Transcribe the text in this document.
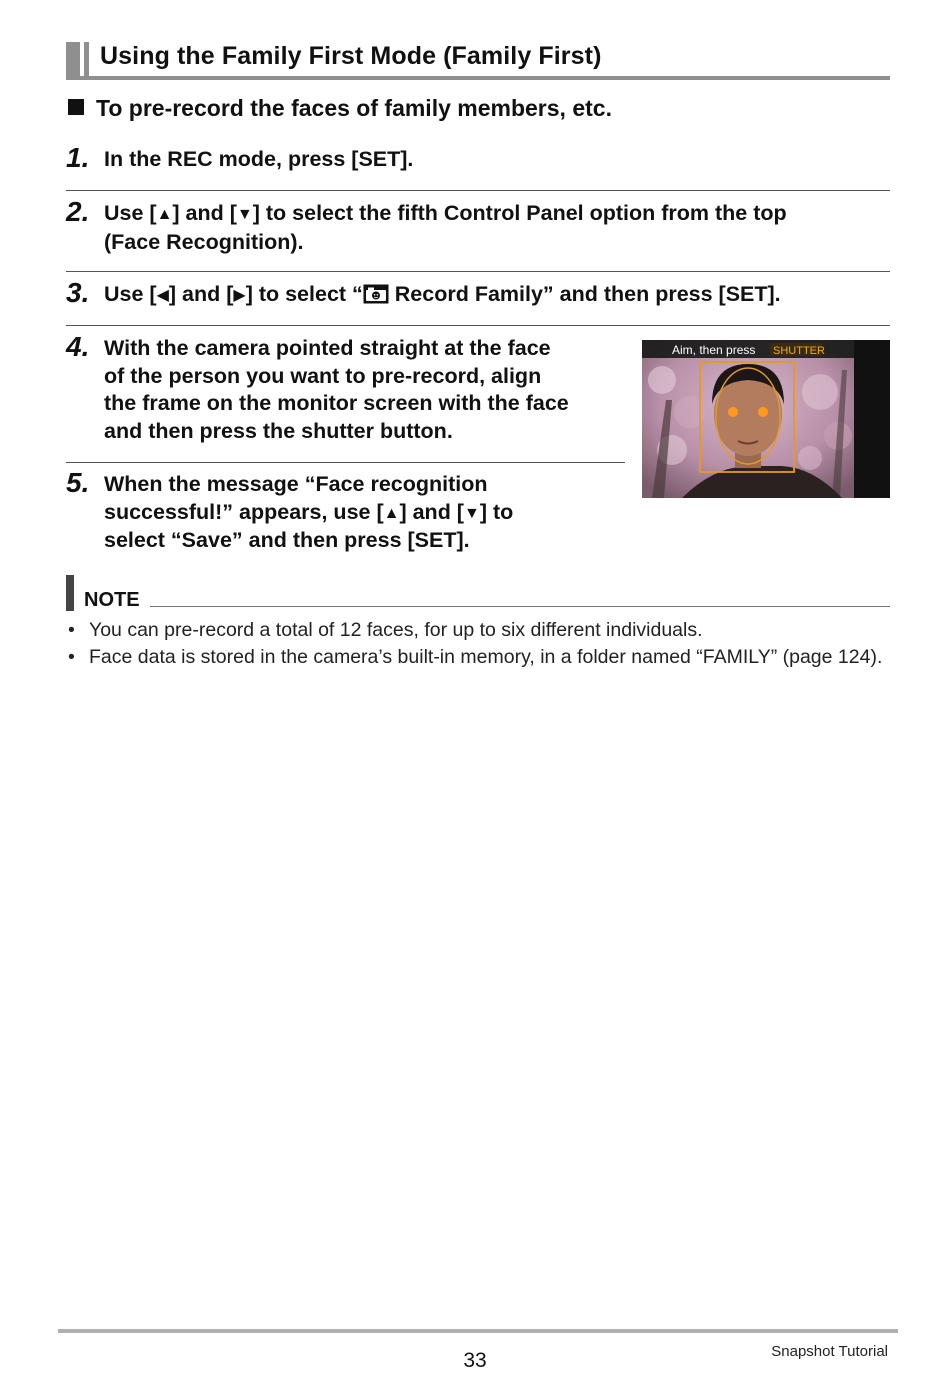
Using the Family First Mode (Family First)
To pre-record the faces of family members, etc.
1. In the REC mode, press [SET].
2. Use [▲] and [▼] to select the fifth Control Panel option from the top
(Face Recognition).
3. Use [◀] and [▶] to select “ Record Family” and then press [SET].
4. With the camera pointed straight at the face
of the person you want to pre-record, align
the frame on the monitor screen with the face
and then press the shutter button.
5. When the message “Face recognition
successful!” appears, use [▲] and [▼] to
select “Save” and then press [SET].
Aim, then press SHUTTER
NOTE
• You can pre-record a total of 12 faces, for up to six different individuals.
• Face data is stored in the camera’s built-in memory, in a folder named “FAMILY” (page 124).
33	Snapshot Tutorial
